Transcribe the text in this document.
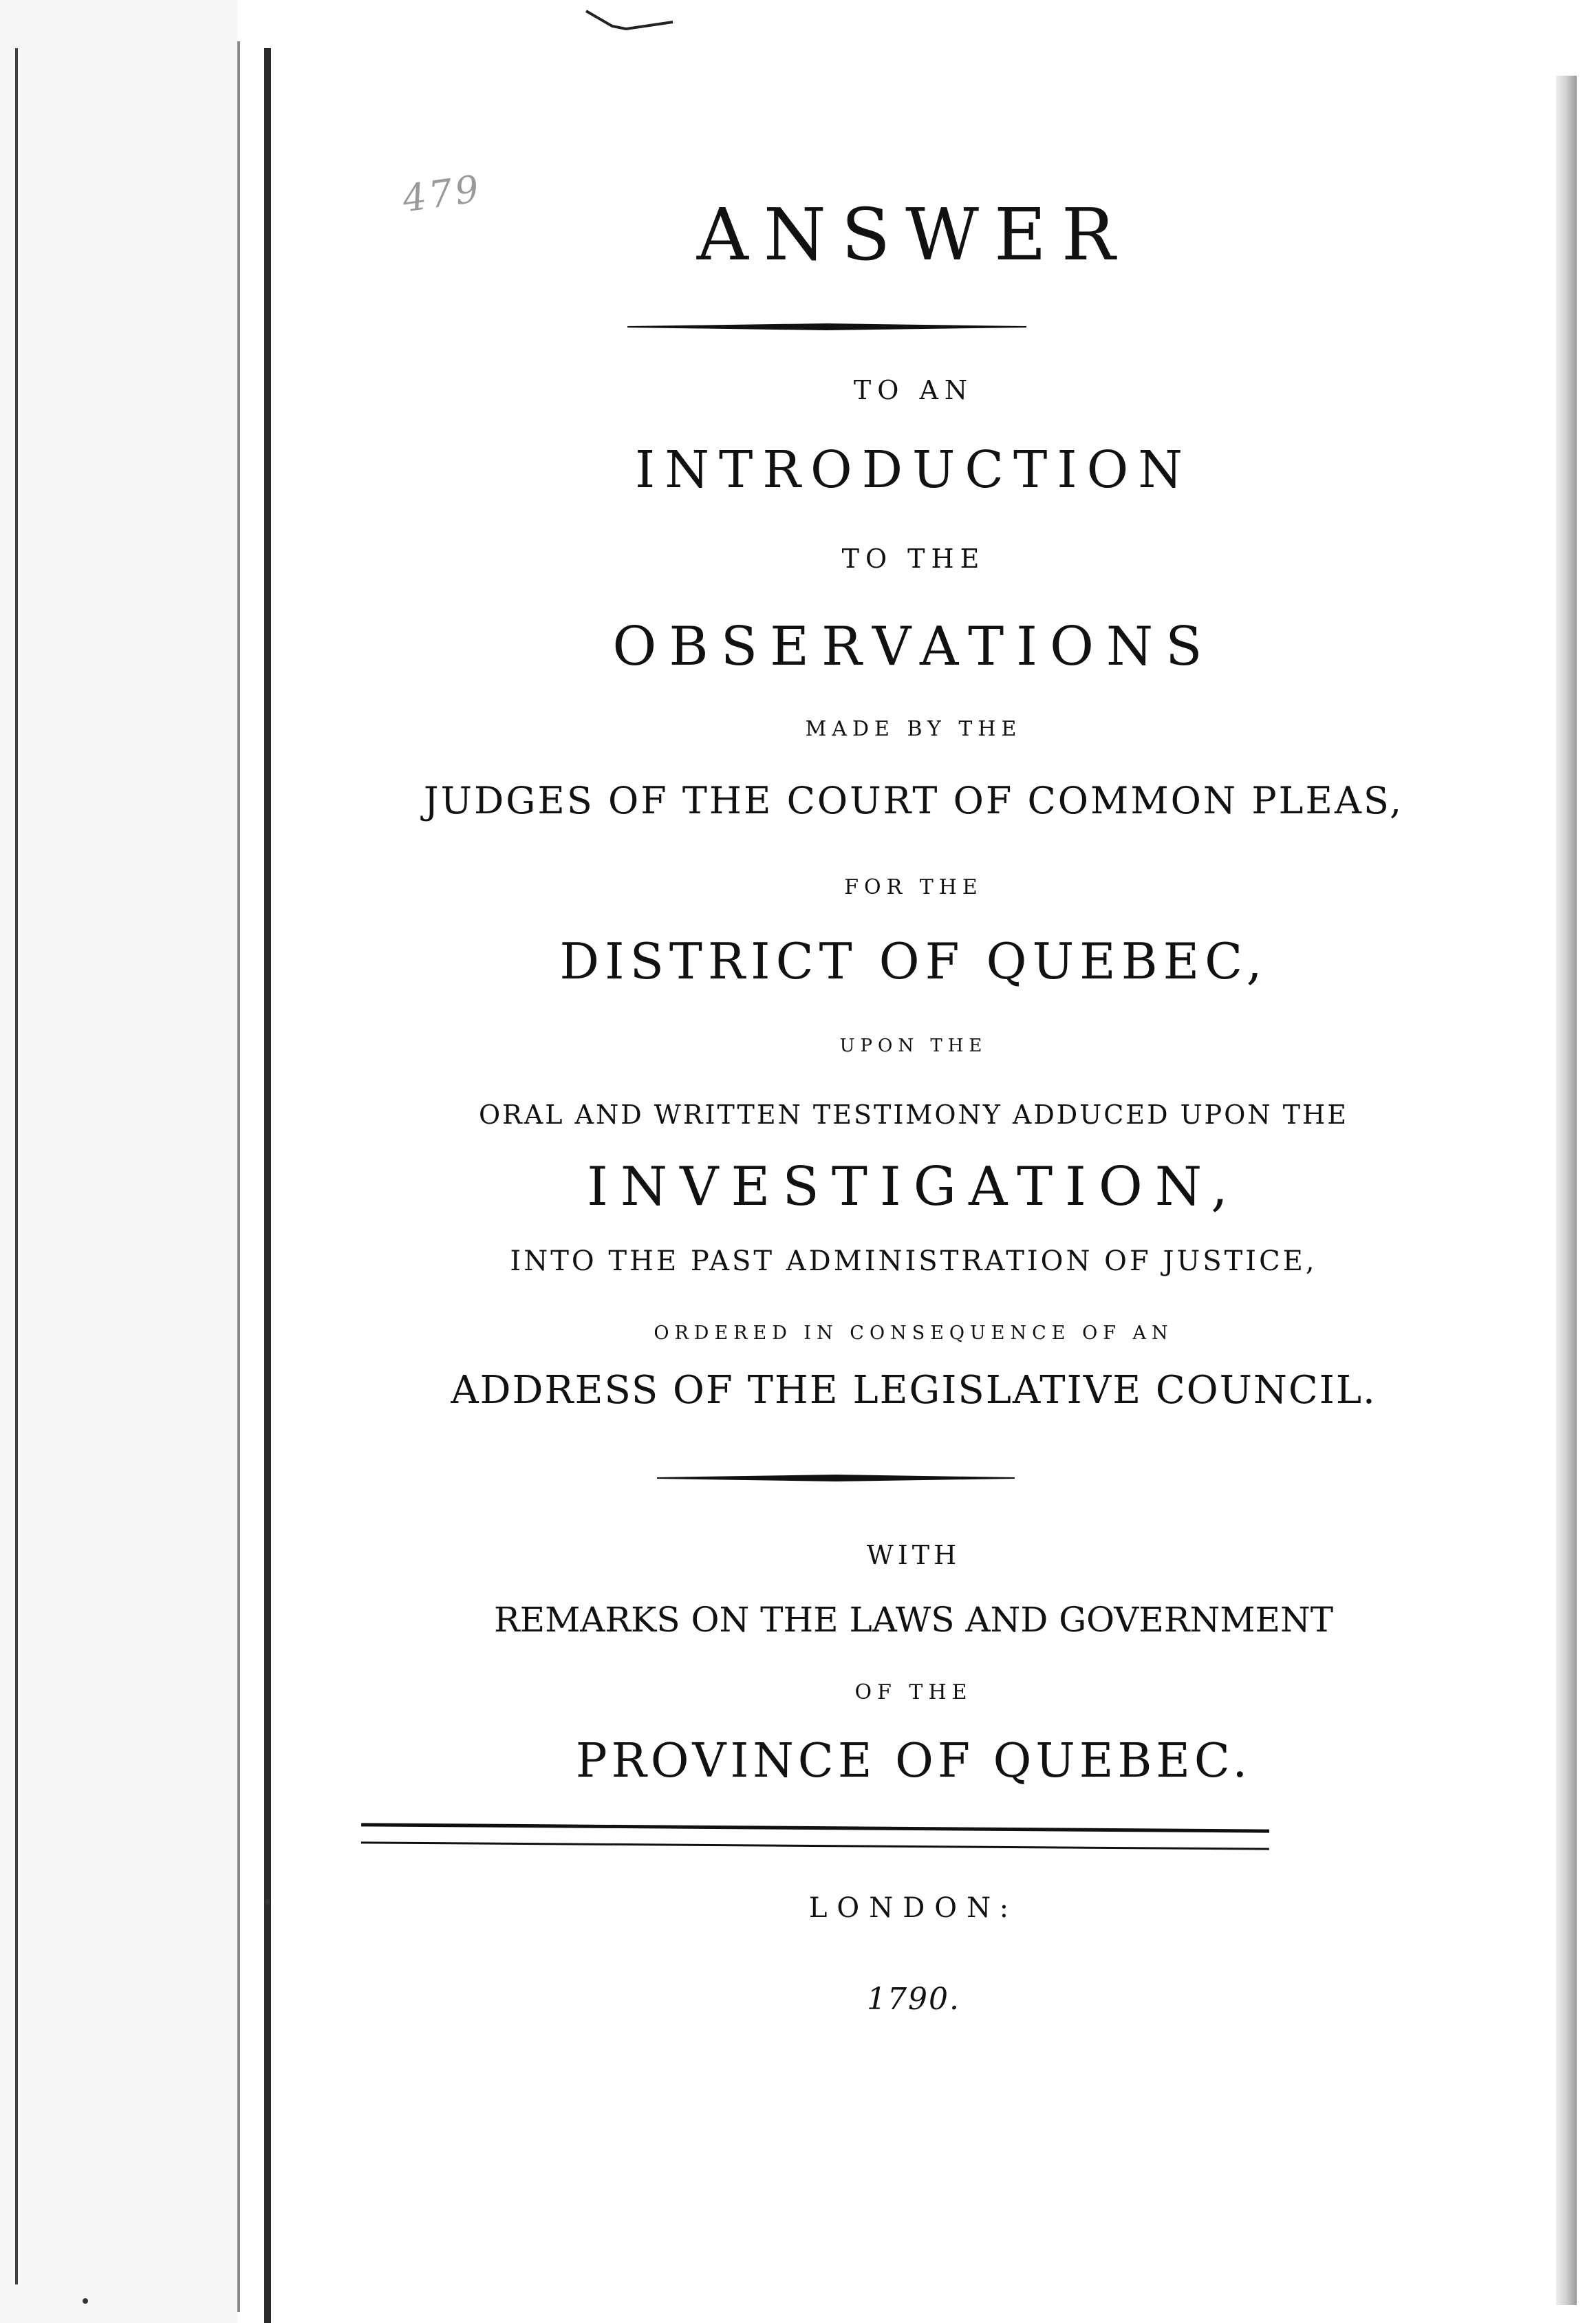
479	ANSWER

TO AN

INTRODUCTION

TO THE

OBSERVATIONS

MADE BY THE

JUDGES OF THE COURT OF COMMON PLEAS,

FOR THE

DISTRICT OF QUEBEC,

UPON THE

ORAL AND WRITTEN TESTIMONY ADDUCED UPON THE

INVESTIGATION,

INTO THE PAST ADMINISTRATION OF JUSTICE,

ORDERED IN CONSEQUENCE OF AN

ADDRESS OF THE LEGISLATIVE COUNCIL.

WITH

REMARKS ON THE LAWS AND GOVERNMENT

OF THE

PROVINCE OF QUEBEC.

LONDON:

1790.
